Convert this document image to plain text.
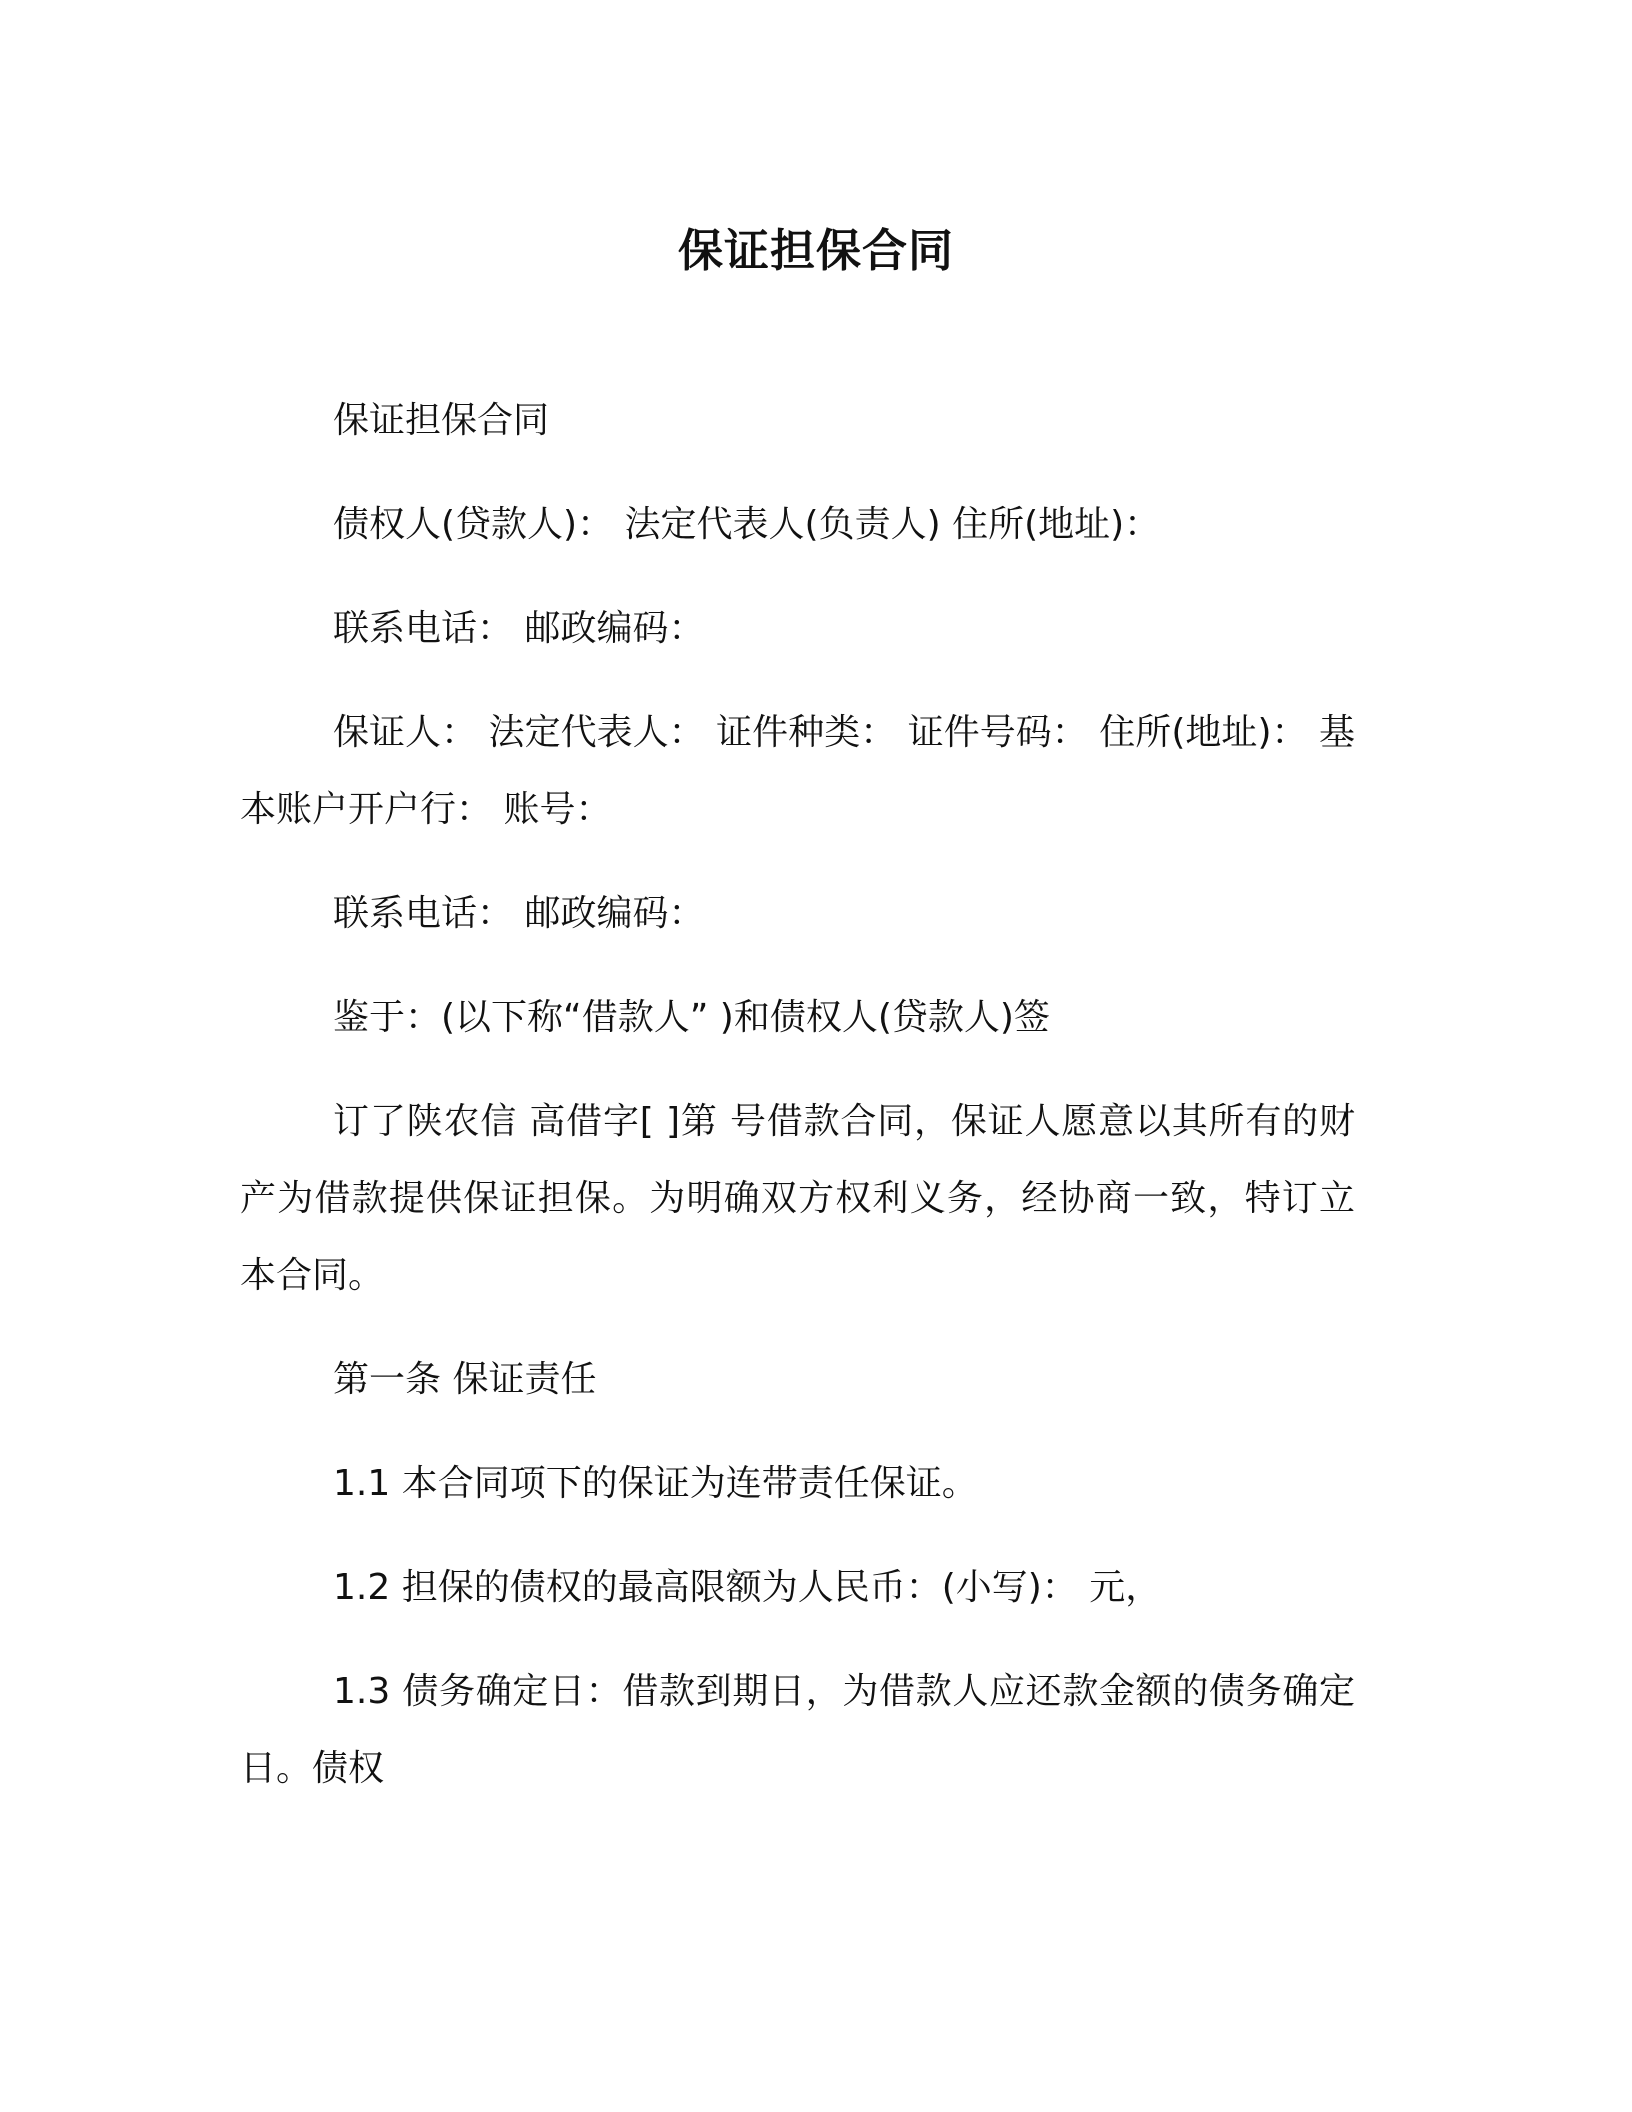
保证担保合同
保证担保合同
债权人(贷款人)： 法定代表人(负责人) 住所(地址)：
联系电话： 邮政编码：
保证人： 法定代表人： 证件种类： 证件号码： 住所(地址)： 基
本账户开户行： 账号：
联系电话： 邮政编码：
鉴于：(以下称“借款人” )和债权人(贷款人)签
订了陕农信 高借字[ ]第 号借款合同，保证人愿意以其所有的财
产为借款提供保证担保。为明确双方权利义务，经协商一致，特订立
本合同。
第一条 保证责任
1.1 本合同项下的保证为连带责任保证。
1.2 担保的债权的最高限额为人民币：(小写)： 元，
1.3 债务确定日：借款到期日，为借款人应还款金额的债务确定
日。债权
